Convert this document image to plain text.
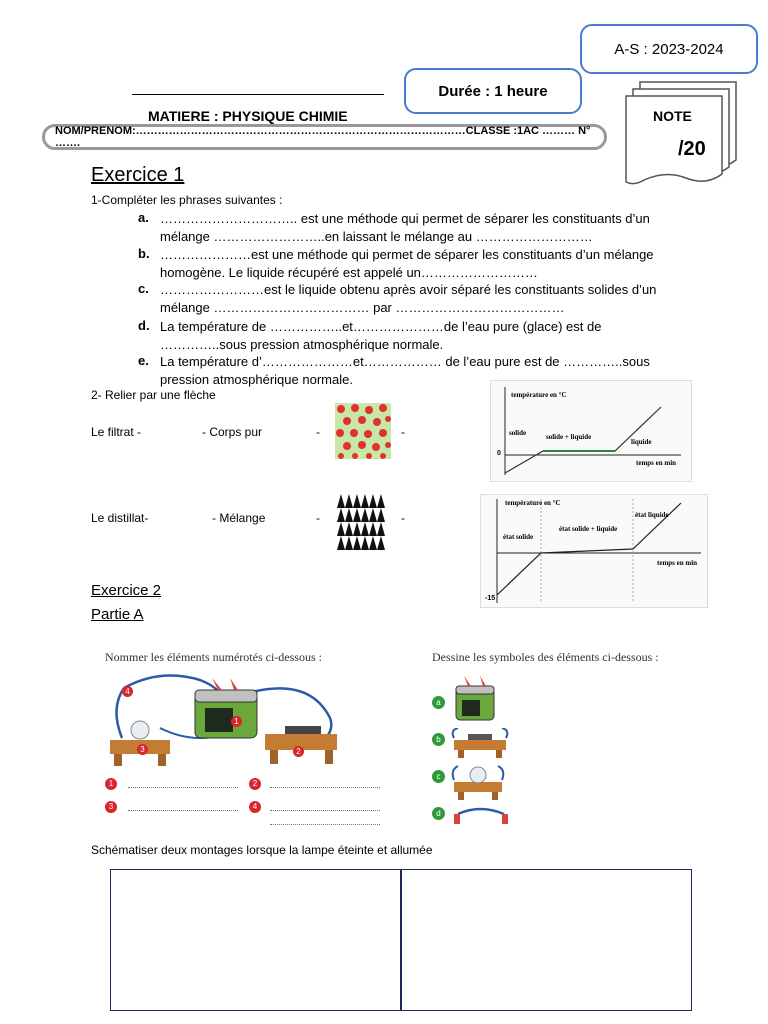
A-S : 2023-2024
Durée : 1 heure
MATIERE : PHYSIQUE CHIMIE
NOM/PRENOM:………………………………………………………………………………CLASSE :1AC ……… N° …….
NOTE
/20
Exercice 1
1-Compléter les phrases suivantes :
a. ………………………….. est une méthode qui permet de séparer les constituants d’un mélange ……………………..en laissant le mélange au ………………………
b. …………………est une méthode qui permet de séparer les constituants d’un mélange homogène. Le liquide récupéré est appelé un………………………
c. ……………………est le liquide obtenu après avoir séparé les constituants solides d’un mélange ……………………………… par …………………………………
d. La température de ……………..et…………………de l’eau pure (glace) est de …………..sous pression atmosphérique normale.
e. La température d’…………………et……………… de l’eau pure est de …………..sous pression atmosphérique normale.
2- Relier par une flèche
Le filtrat -	- Corps pur	-	-
Le distillat-	- Mélange	-	-
température en °C
0
solide	solide + liquide
liquide
temps en min
température en °C
état liquide
état solide + liquide
état solide
temps en min
-15
Exercice 2
Partie A
Nommer les éléments numérotés ci-dessous :	Dessine les symboles des éléments ci-dessous :
1
2
3
4
1	2
3	4
a
b
c
d
Schématiser deux montages lorsque la lampe éteinte et allumée
